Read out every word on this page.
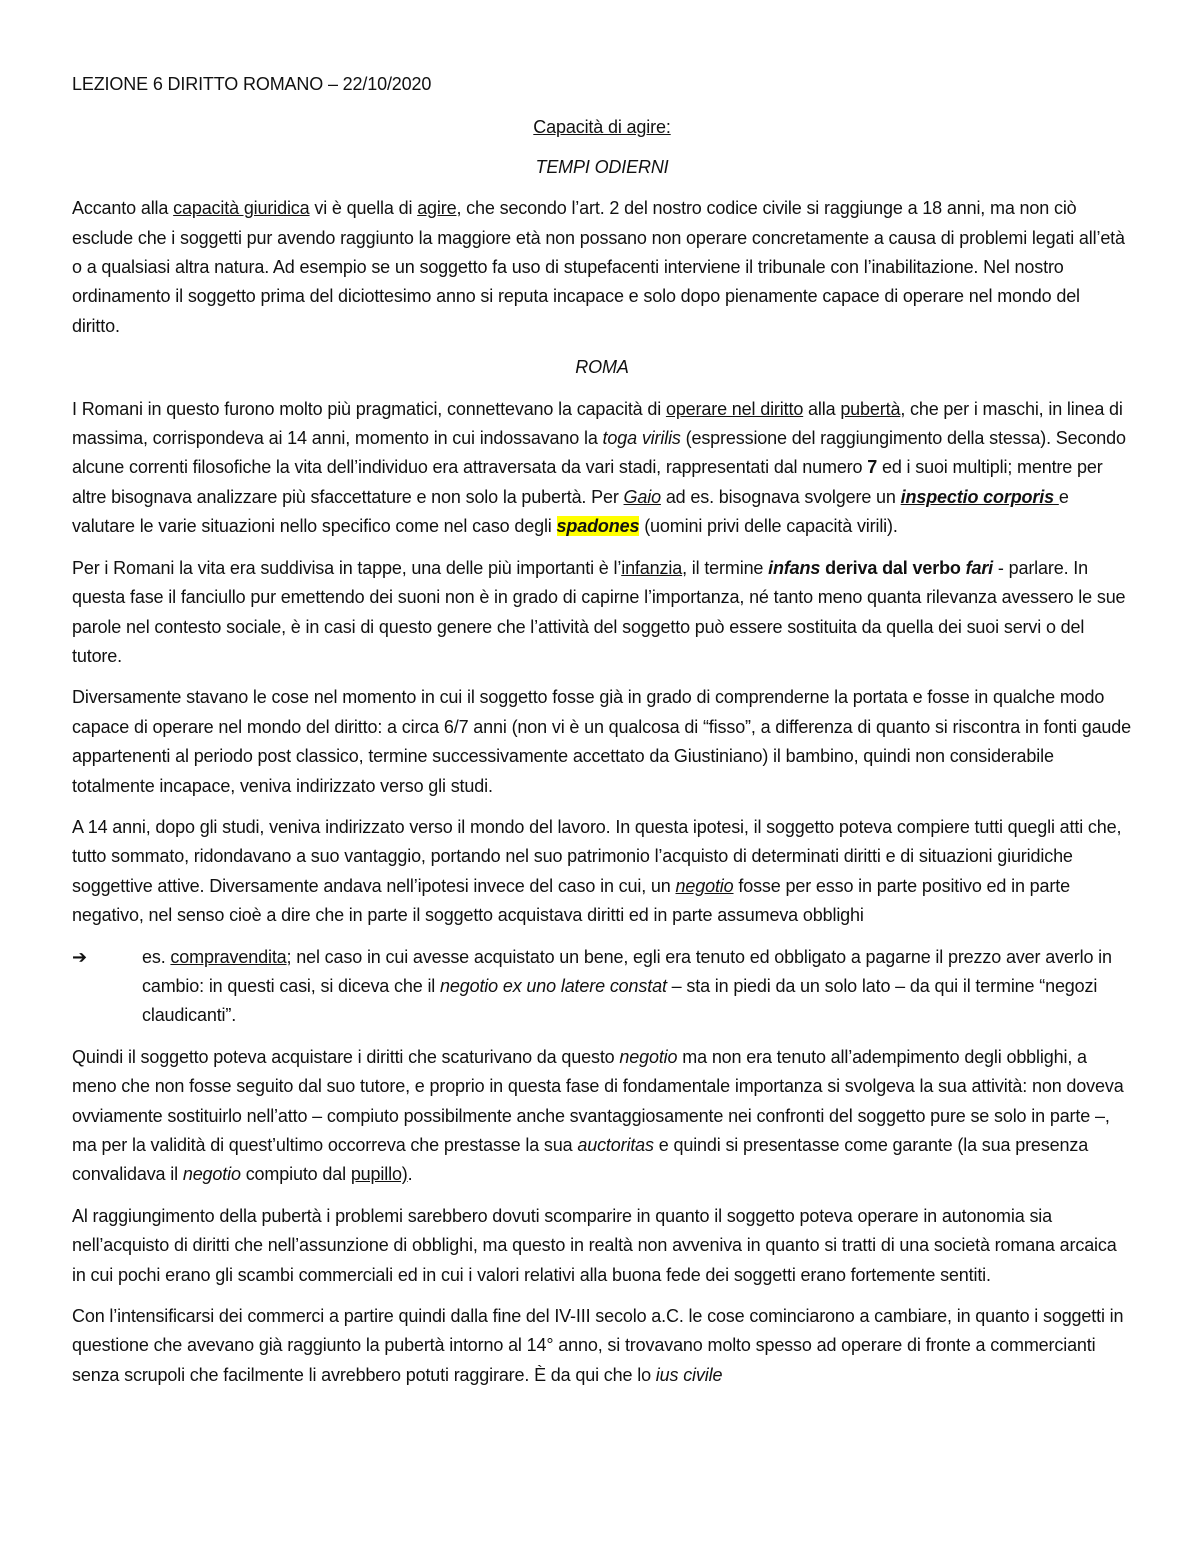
LEZIONE 6 DIRITTO ROMANO – 22/10/2020
Capacità di agire:
TEMPI ODIERNI

Accanto alla capacità giuridica vi è quella di agire, che secondo l’art. 2 del nostro codice civile si raggiunge a 18 anni, ma non ciò esclude che i soggetti pur avendo raggiunto la maggiore età non possano non operare concretamente a causa di problemi legati all’età o a qualsiasi altra natura. Ad esempio se un soggetto fa uso di stupefacenti interviene il tribunale con l’inabilitazione. Nel nostro ordinamento il soggetto prima del diciottesimo anno si reputa incapace e solo dopo pienamente capace di operare nel mondo del diritto.

ROMA

I Romani in questo furono molto più pragmatici, connettevano la capacità di operare nel diritto alla pubertà, che per i maschi, in linea di massima, corrispondeva ai 14 anni, momento in cui indossavano la toga virilis (espressione del raggiungimento della stessa). Secondo alcune correnti filosofiche la vita dell’individuo era attraversata da vari stadi, rappresentati dal numero 7 ed i suoi multipli; mentre per altre bisognava analizzare più sfaccettature e non solo la pubertà. Per Gaio ad es. bisognava svolgere un inspectio corporis e valutare le varie situazioni nello specifico come nel caso degli spadones (uomini privi delle capacità virili).

Per i Romani la vita era suddivisa in tappe, una delle più importanti è l’infanzia, il termine infans deriva dal verbo fari - parlare. In questa fase il fanciullo pur emettendo dei suoni non è in grado di capirne l’importanza, né tanto meno quanta rilevanza avessero le sue parole nel contesto sociale, è in casi di questo genere che l’attività del soggetto può essere sostituita da quella dei suoi servi o del tutore.

Diversamente stavano le cose nel momento in cui il soggetto fosse già in grado di comprenderne la portata e fosse in qualche modo capace di operare nel mondo del diritto: a circa 6/7 anni (non vi è un qualcosa di “fisso”, a differenza di quanto si riscontra in fonti gaude appartenenti al periodo post classico, termine successivamente accettato da Giustiniano) il bambino, quindi non considerabile totalmente incapace, veniva indirizzato verso gli studi.

A 14 anni, dopo gli studi, veniva indirizzato verso il mondo del lavoro. In questa ipotesi, il soggetto poteva compiere tutti quegli atti che, tutto sommato, ridondavano a suo vantaggio, portando nel suo patrimonio l’acquisto di determinati diritti e di situazioni giuridiche soggettive attive. Diversamente andava nell’ipotesi invece del caso in cui, un negotio fosse per esso in parte positivo ed in parte negativo, nel senso cioè a dire che in parte il soggetto acquistava diritti ed in parte assumeva obblighi

➔	es. compravendita; nel caso in cui avesse acquistato un bene, egli era tenuto ed obbligato a pagarne il prezzo aver averlo in cambio: in questi casi, si diceva che il negotio ex uno latere constat – sta in piedi da un solo lato – da qui il termine “negozi claudicanti”.

Quindi il soggetto poteva acquistare i diritti che scaturivano da questo negotio ma non era tenuto all’adempimento degli obblighi, a meno che non fosse seguito dal suo tutore, e proprio in questa fase di fondamentale importanza si svolgeva la sua attività: non doveva ovviamente sostituirlo nell’atto – compiuto possibilmente anche svantaggiosamente nei confronti del soggetto pure se solo in parte –, ma per la validità di quest’ultimo occorreva che prestasse la sua auctoritas e quindi si presentasse come garante (la sua presenza convalidava il negotio compiuto dal pupillo).

Al raggiungimento della pubertà i problemi sarebbero dovuti scomparire in quanto il soggetto poteva operare in autonomia sia nell’acquisto di diritti che nell’assunzione di obblighi, ma questo in realtà non avveniva in quanto si tratti di una società romana arcaica in cui pochi erano gli scambi commerciali ed in cui i valori relativi alla buona fede dei soggetti erano fortemente sentiti.

Con l’intensificarsi dei commerci a partire quindi dalla fine del IV-III secolo a.C. le cose cominciarono a cambiare, in quanto i soggetti in questione che avevano già raggiunto la pubertà intorno al 14° anno, si trovavano molto spesso ad operare di fronte a commercianti senza scrupoli che facilmente li avrebbero potuti raggirare. È da qui che lo ius civile
